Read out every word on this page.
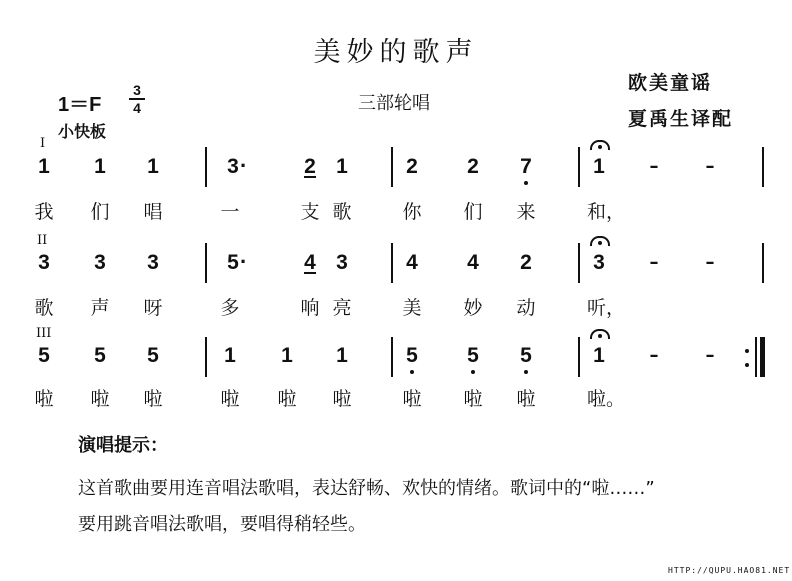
美妙的歌声
欧美童谣
夏禹生译配
1＝F
3
4
小快板
三部轮唱
I
1 1 1	3 ·	2 1	2 2 7	1	–	–
我 们 唱	一	支 歌	你 们 来	和，
II
3 3 3	5 ·	4 3	4 4 2	3	–	–
歌 声 呀	多	响 亮	美 妙 动	听，
III
5 5 5	1 1 1	5 5 5	1	–	–
啦 啦 啦	啦 啦 啦	啦 啦 啦	啦。
演唱提示：
这首歌曲要用连音唱法歌唱，表达舒畅、欢快的情绪。歌词中的“啦……”
要用跳音唱法歌唱，要唱得稍轻些。
HTTP://QUPU.HAO81.NET
